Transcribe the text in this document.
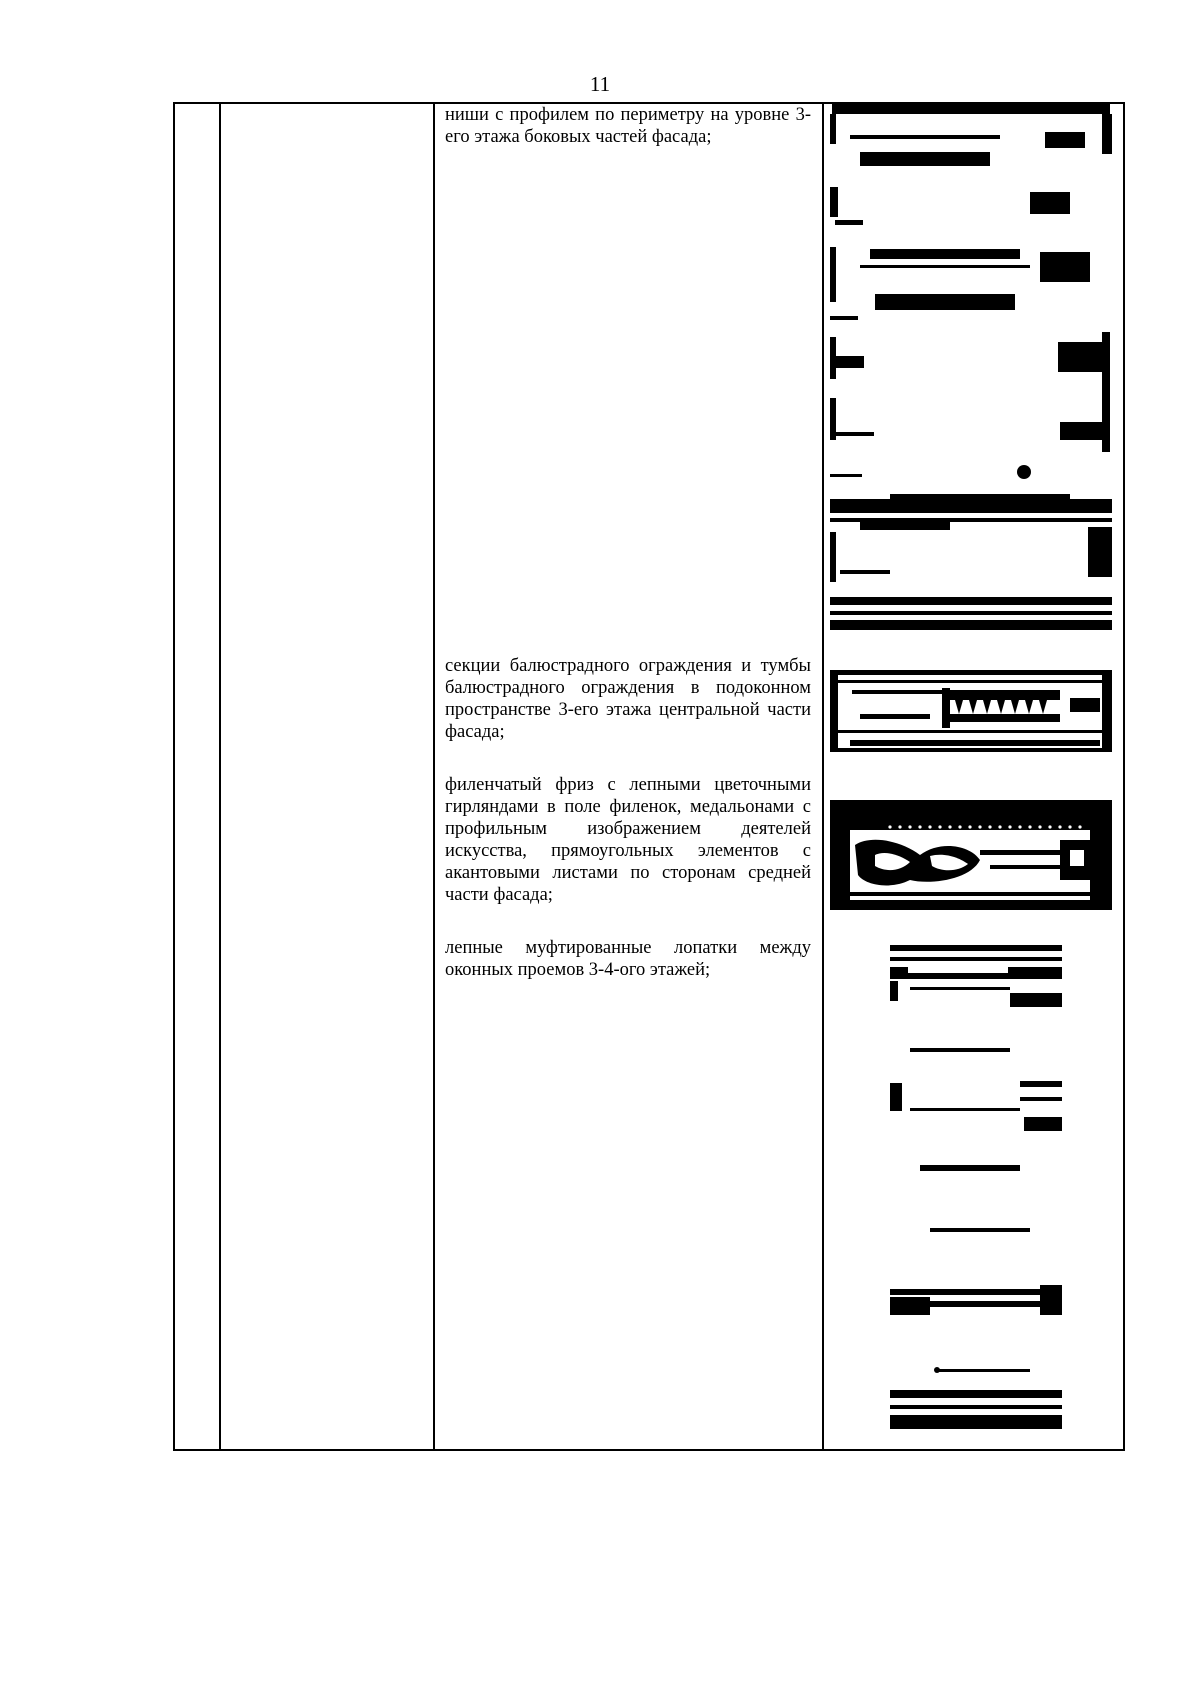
11
ниши с профилем по периметру на уровне 3-его этажа боковых частей фасада;
секции балюстрадного ограждения и тумбы балюстрадного ограждения в подоконном пространстве 3-его этажа центральной части фасада;
филенчатый фриз с лепными цветочными гирляндами в поле филенок, медальонами с профильным изображением деятелей искусства, прямоугольных элементов с акантовыми листами по сторонам средней части фасада;
лепные муфтированные лопатки между оконных проемов 3-4-ого этажей;
